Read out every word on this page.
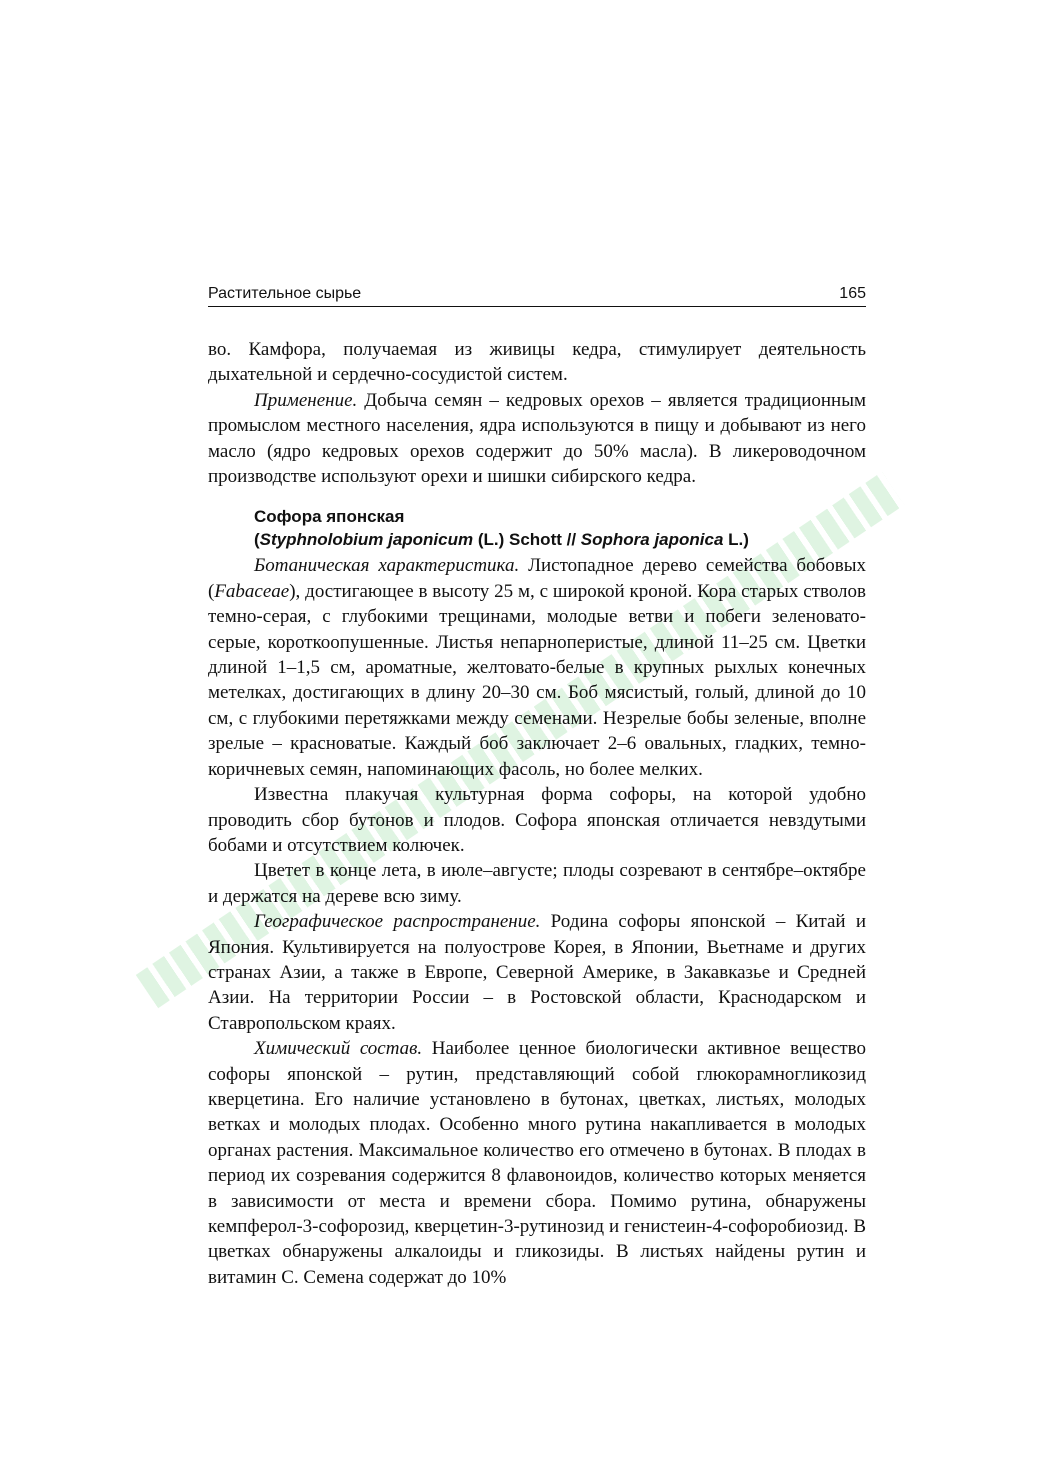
Растительное сырье	165

во. Камфора, получаемая из живицы кедра, стимулирует деятельность дыхательной и сердечно-сосудистой систем.

Применение. Добыча семян – кедровых орехов – является традиционным промыслом местного населения, ядра используются в пищу и добывают из него масло (ядро кедровых орехов содержит до 50% масла). В ликероводочном производстве используют орехи и шишки сибирского кедра.

Софора японская
(Styphnolobium japonicum (L.) Schott // Sophora japonica L.)

Ботаническая характеристика. Листопадное дерево семейства бобовых (Fabaceae), достигающее в высоту 25 м, с широкой кроной. Кора старых стволов темно-серая, с глубокими трещинами, молодые ветви и побеги зеленовато-серые, короткоопушенные. Листья непарноперистые, длиной 11–25 см. Цветки длиной 1–1,5 см, ароматные, желтовато-белые в крупных рыхлых конечных метелках, достигающих в длину 20–30 см. Боб мясистый, голый, длиной до 10 см, с глубокими перетяжками между семенами. Незрелые бобы зеленые, вполне зрелые – красноватые. Каждый боб заключает 2–6 овальных, гладких, темно-коричневых семян, напоминающих фасоль, но более мелких.

Известна плакучая культурная форма софоры, на которой удобно проводить сбор бутонов и плодов. Софора японская отличается невздутыми бобами и отсутствием колючек.

Цветет в конце лета, в июле–августе; плоды созревают в сентябре–октябре и держатся на дереве всю зиму.

Географическое распространение. Родина софоры японской – Китай и Япония. Культивируется на полуострове Корея, в Японии, Вьетнаме и других странах Азии, а также в Европе, Северной Америке, в Закавказье и Средней Азии. На территории России – в Ростовской области, Краснодарском и Ставропольском краях.

Химический состав. Наиболее ценное биологически активное вещество софоры японской – рутин, представляющий собой глюкорамногликозид кверцетина. Его наличие установлено в бутонах, цветках, листьях, молодых ветках и молодых плодах. Особенно много рутина накапливается в молодых органах растения. Максимальное количество его отмечено в бутонах. В плодах в период их созревания содержится 8 флавоноидов, количество которых меняется в зависимости от места и времени сбора. Помимо рутина, обнаружены кемпферол-3-софорозид, кверцетин-3-рутинозид и генистеин-4-софоробиозид. В цветках обнаружены алкалоиды и гликозиды. В листьях найдены рутин и витамин С. Семена содержат до 10%
